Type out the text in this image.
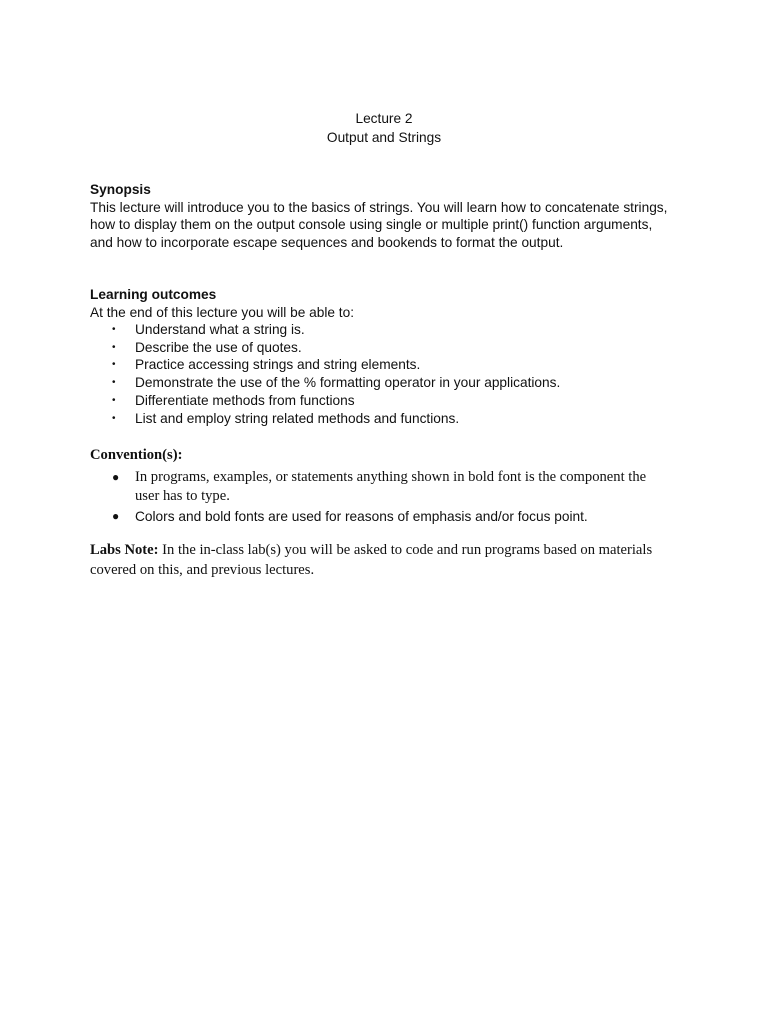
Lecture 2
Output and Strings
Synopsis
This lecture will introduce you to the basics of strings. You will learn how to concatenate strings,
how to display them on the output console using single or multiple print() function arguments,
and how to incorporate escape sequences and bookends to format the output.
Learning outcomes
At the end of this lecture you will be able to:
• Understand what a string is.
• Describe the use of quotes.
• Practice accessing strings and string elements.
• Demonstrate the use of the % formatting operator in your applications.
• Differentiate methods from functions
• List and employ string related methods and functions.
Convention(s):
● In programs, examples, or statements anything shown in bold font is the component the
user has to type.
● Colors and bold fonts are used for reasons of emphasis and/or focus point.
Labs Note: In the in-class lab(s) you will be asked to code and run programs based on materials
covered on this, and previous lectures.
